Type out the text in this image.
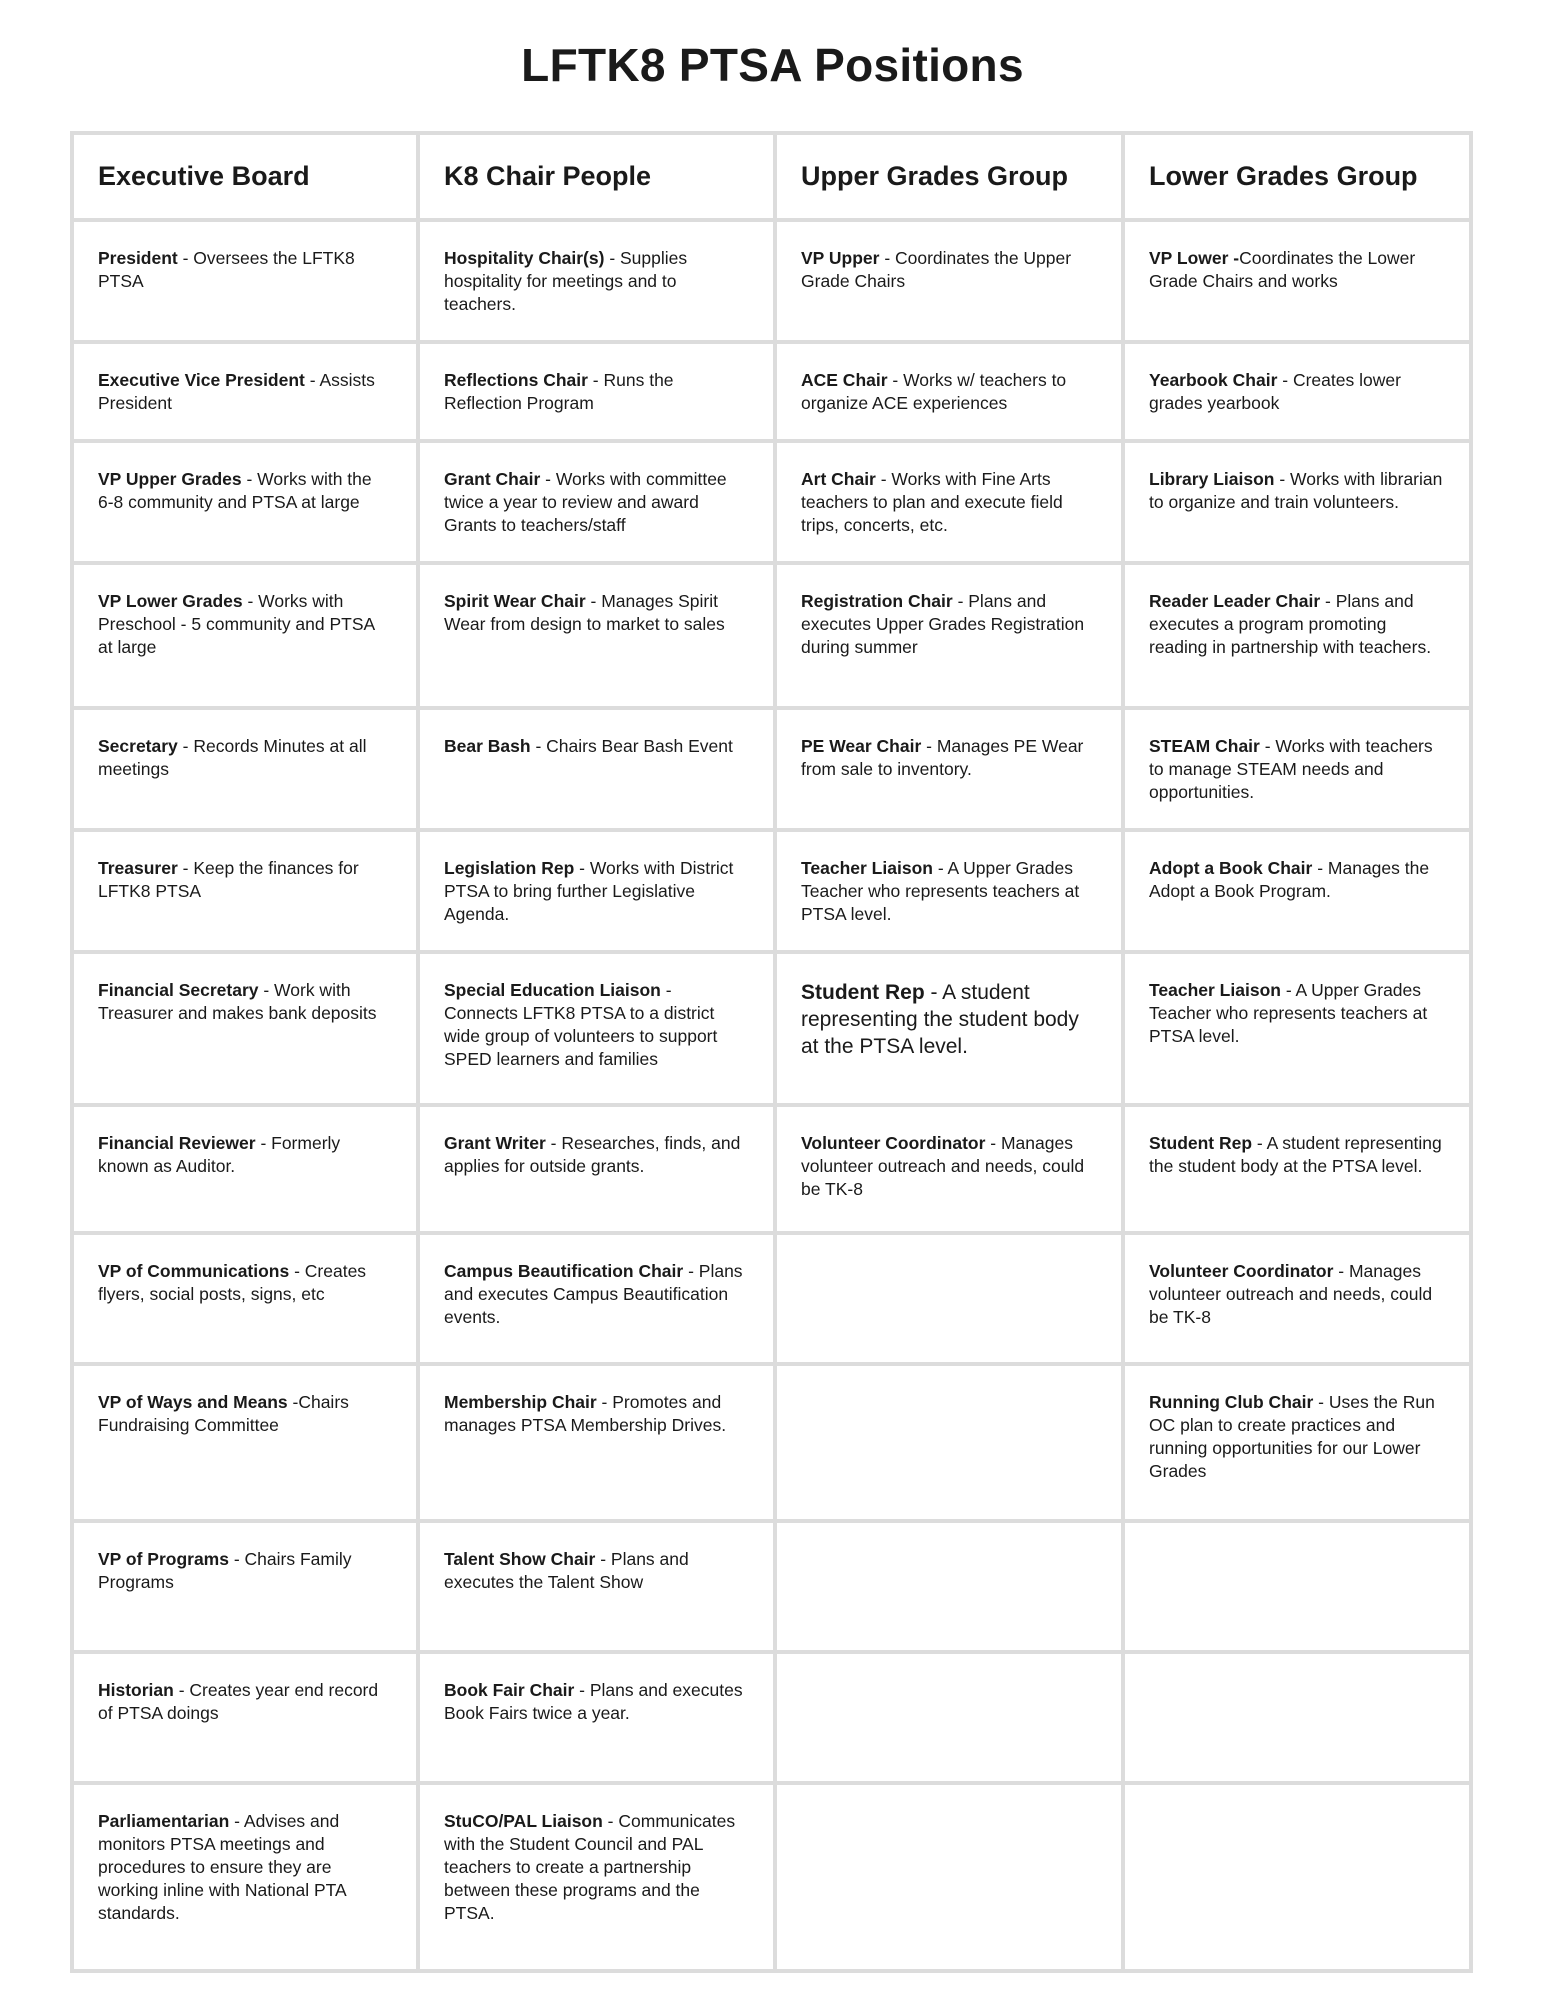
LFTK8 PTSA Positions
Executive Board	K8 Chair People	Upper Grades Group	Lower Grades Group
President - Oversees the LFTK8 PTSA	Hospitality Chair(s) - Supplies hospitality for meetings and to teachers.	VP Upper - Coordinates the Upper Grade Chairs	VP Lower -Coordinates the Lower Grade Chairs and works
Executive Vice President - Assists President	Reflections Chair - Runs the Reflection Program	ACE Chair - Works w/ teachers to organize ACE experiences	Yearbook Chair - Creates lower grades yearbook
VP Upper Grades - Works with the 6-8 community and PTSA at large	Grant Chair - Works with committee twice a year to review and award Grants to teachers/staff	Art Chair - Works with Fine Arts teachers to plan and execute field trips, concerts, etc.	Library Liaison - Works with librarian to organize and train volunteers.
VP Lower Grades - Works with Preschool - 5 community and PTSA at large	Spirit Wear Chair - Manages Spirit Wear from design to market to sales	Registration Chair - Plans and executes Upper Grades Registration during summer	Reader Leader Chair - Plans and executes a program promoting reading in partnership with teachers.
Secretary - Records Minutes at all meetings	Bear Bash - Chairs Bear Bash Event	PE Wear Chair - Manages PE Wear from sale to inventory.	STEAM Chair - Works with teachers to manage STEAM needs and opportunities.
Treasurer - Keep the finances for LFTK8 PTSA	Legislation Rep - Works with District PTSA to bring further Legislative Agenda.	Teacher Liaison - A Upper Grades Teacher who represents teachers at PTSA level.	Adopt a Book Chair - Manages the Adopt a Book Program.
Financial Secretary - Work with Treasurer and makes bank deposits	Special Education Liaison - Connects LFTK8 PTSA to a district wide group of volunteers to support SPED learners and families	Student Rep - A student representing the student body at the PTSA level.	Teacher Liaison - A Upper Grades Teacher who represents teachers at PTSA level.
Financial Reviewer - Formerly known as Auditor.	Grant Writer - Researches, finds, and applies for outside grants.	Volunteer Coordinator - Manages volunteer outreach and needs, could be TK-8	Student Rep - A student representing the student body at the PTSA level.
VP of Communications - Creates flyers, social posts, signs, etc	Campus Beautification Chair - Plans and executes Campus Beautification events.		Volunteer Coordinator - Manages volunteer outreach and needs, could be TK-8
VP of Ways and Means -Chairs Fundraising Committee	Membership Chair - Promotes and manages PTSA Membership Drives.		Running Club Chair - Uses the Run OC plan to create practices and running opportunities for our Lower Grades
VP of Programs - Chairs Family Programs	Talent Show Chair - Plans and executes the Talent Show		
Historian - Creates year end record of PTSA doings	Book Fair Chair - Plans and executes Book Fairs twice a year.		
Parliamentarian - Advises and monitors PTSA meetings and procedures to ensure they are working inline with National PTA standards.	StuCO/PAL Liaison - Communicates with the Student Council and PAL teachers to create a partnership between these programs and the PTSA.		
